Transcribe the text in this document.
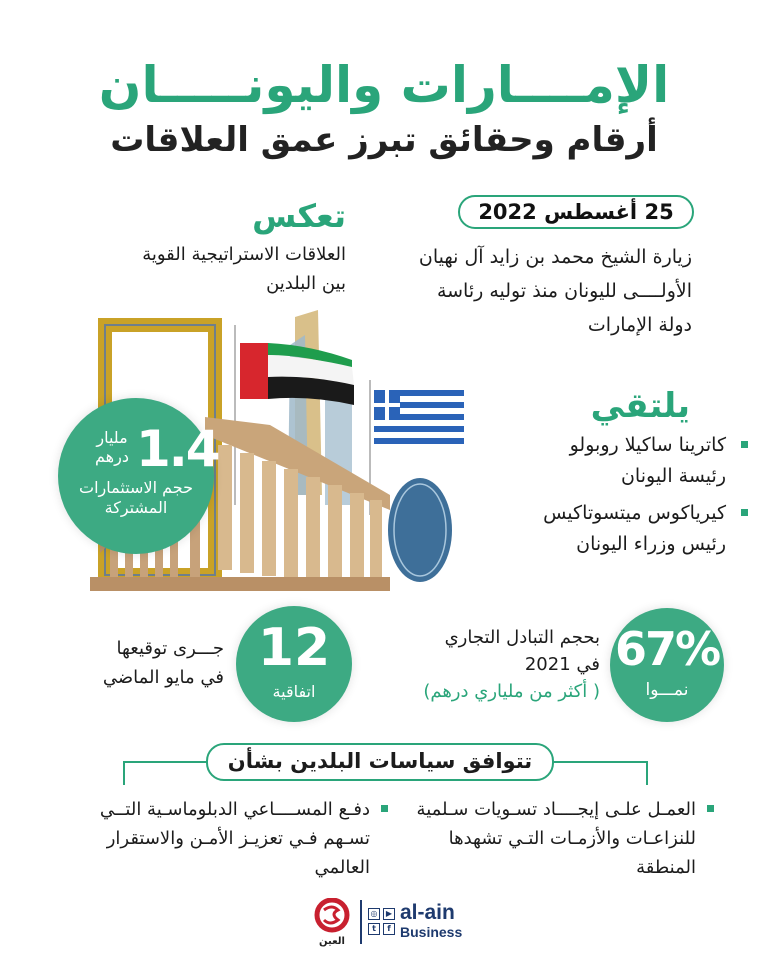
الإمــــارات واليونـــــان
أرقام وحقائق تبرز عمق العلاقات
25 أغسطس 2022
زيارة الشيخ محمد بن زايد آل نهيان
الأولــــى لليونان منذ توليه رئاسة
دولة الإمارات
تعكس
العلاقات الاستراتيجية القوية
بين البلدين
1.4
مليار درهم
حجم الاستثمارات المشتركة
يلتقي
كاترينا ساكيلا روبولو
رئيسة اليونان
كيرياكوس ميتسوتاكيس
رئيس وزراء اليونان
67%
نمـــوا
بحجم التبادل التجاري
في 2021
( أكثر من ملياري درهم)
12
اتفاقية
جـــرى توقيعها
في مايو الماضي
تتوافق سياسات البلدين بشأن
العمـل علـى إيجــــاد تسـويات سـلمية للنزاعـات والأزمـات التـي تشهدها المنطقة
دفـع المســــاعي الدبلوماسـية التــي تسـهم فـي تعزيـز الأمـن والاستقرار العالمي
العين
◎	▶
t	f
al-ain
Business
